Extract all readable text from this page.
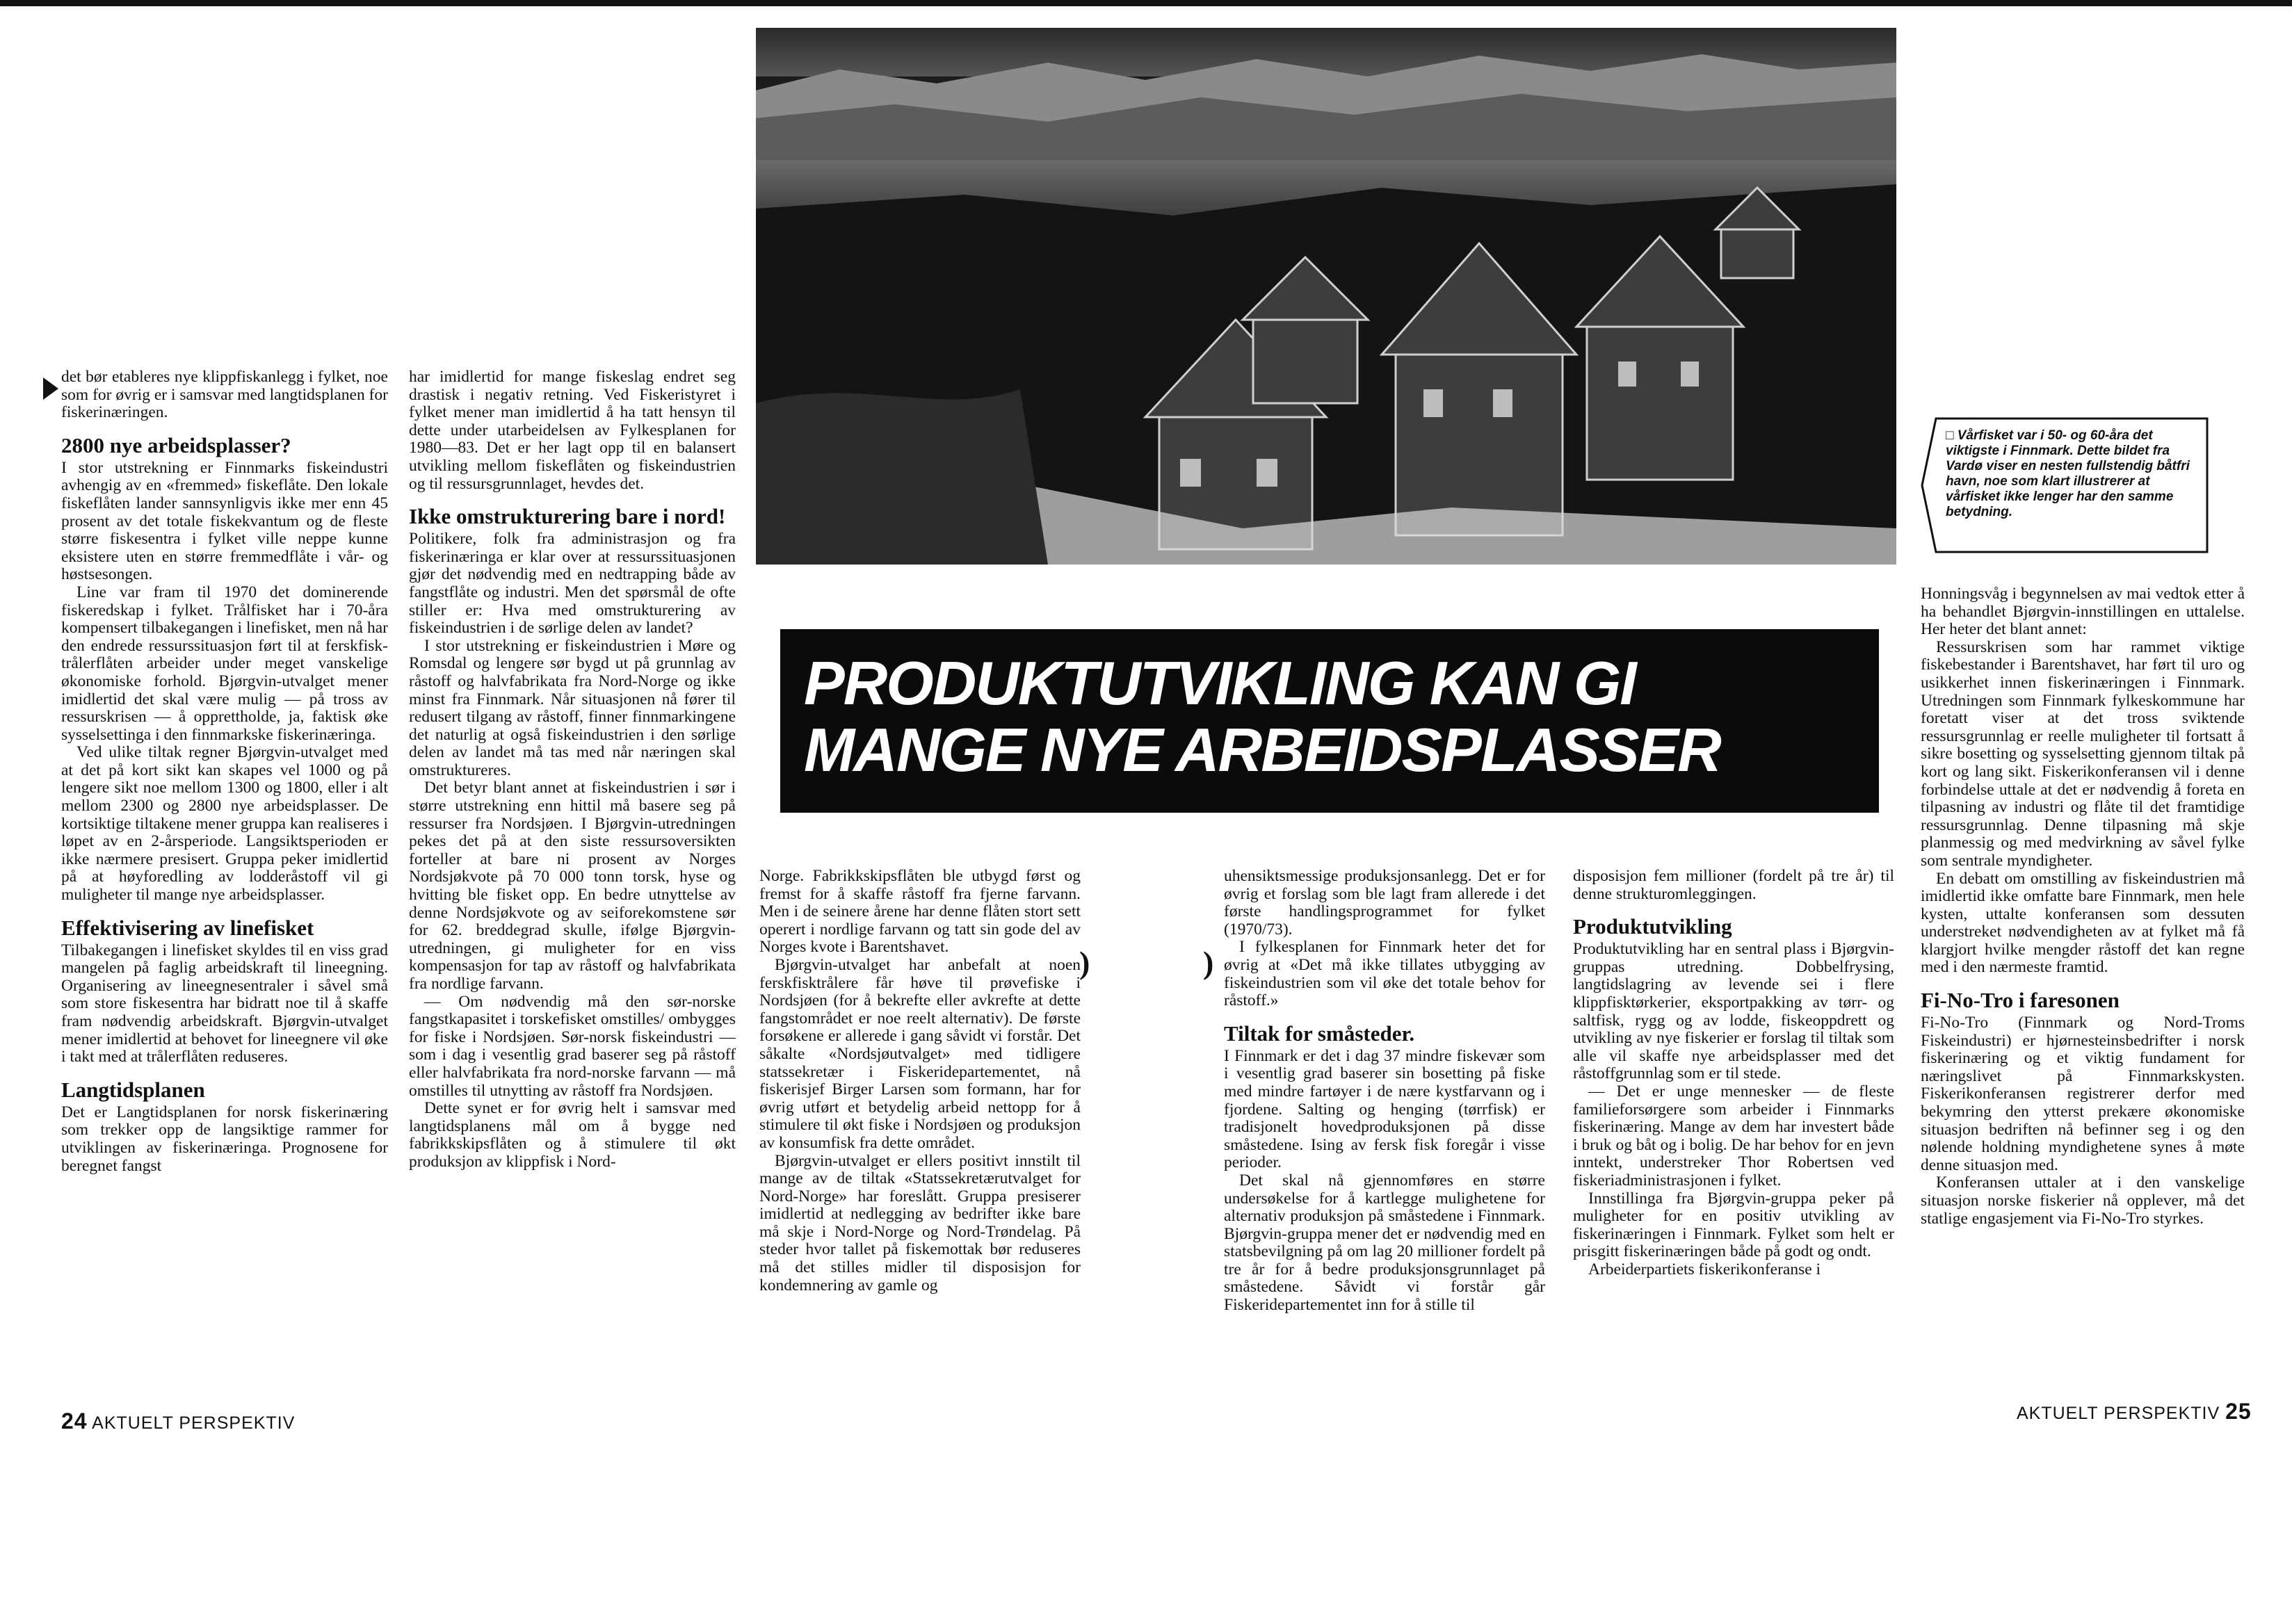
□ Vårfisket var i 50- og 60-åra det viktigste i Finnmark. Dette bildet fra Vardø viser en nesten fullstendig båtfri havn, noe som klart illustrerer at vårfisket ikke lenger har den samme betydning.
PRODUKTUTVIKLING KAN GI
MANGE NYE ARBEIDSPLASSER

det bør etableres nye klippfiskanlegg i fylket, noe som for øvrig er i samsvar med langtidsplanen for fiskerinæringen.

2800 nye arbeidsplasser?

I stor utstrekning er Finnmarks fiskeindustri avhengig av en «fremmed» fiskeflåte. Den lokale fiskeflåten lander sannsynligvis ikke mer enn 45 prosent av det totale fiskekvantum og de fleste større fiskesentra i fylket ville neppe kunne eksistere uten en større fremmedflåte i vår- og høstsesongen.

Line var fram til 1970 det dominerende fiskeredskap i fylket. Trålfisket har i 70-åra kompensert tilbakegangen i linefisket, men nå har den endrede ressurssituasjon ført til at ferskfisk-trålerflåten arbeider under meget vanskelige økonomiske forhold. Bjørgvin-utvalget mener imidlertid det skal være mulig — på tross av ressurskrisen — å opprettholde, ja, faktisk øke sysselsettinga i den finnmarkske fiskerinæringa.

Ved ulike tiltak regner Bjørgvin-utvalget med at det på kort sikt kan skapes vel 1000 og på lengere sikt noe mellom 1300 og 1800, eller i alt mellom 2300 og 2800 nye arbeidsplasser. De kortsiktige tiltakene mener gruppa kan realiseres i løpet av en 2-årsperiode. Langsiktsperioden er ikke nærmere presisert. Gruppa peker imidlertid på at høyforedling av lodderåstoff vil gi muligheter til mange nye arbeidsplasser.

Effektivisering av linefisket

Tilbakegangen i linefisket skyldes til en viss grad mangelen på faglig arbeidskraft til lineegning. Organisering av lineegnesentraler i såvel små som store fiskesentra har bidratt noe til å skaffe fram nødvendig arbeidskraft. Bjørgvin-utvalget mener imidlertid at behovet for lineegnere vil øke i takt med at trålerflåten reduseres.

Langtidsplanen

Det er Langtidsplanen for norsk fiskerinæring som trekker opp de langsiktige rammer for utviklingen av fiskerinæringa. Prognosene for beregnet fangst

har imidlertid for mange fiskeslag endret seg drastisk i negativ retning. Ved Fiskeristyret i fylket mener man imidlertid å ha tatt hensyn til dette under utarbeidelsen av Fylkesplanen for 1980—83. Det er her lagt opp til en balansert utvikling mellom fiskeflåten og fiskeindustrien og til ressursgrunnlaget, hevdes det.

Ikke omstrukturering bare i nord!

Politikere, folk fra administrasjon og fra fiskerinæringa er klar over at ressurssituasjonen gjør det nødvendig med en nedtrapping både av fangstflåte og industri. Men det spørsmål de ofte stiller er: Hva med omstrukturering av fiskeindustrien i de sørlige delen av landet?

I stor utstrekning er fiskeindustrien i Møre og Romsdal og lengere sør bygd ut på grunnlag av råstoff og halvfabrikata fra Nord-Norge og ikke minst fra Finnmark. Når situasjonen nå fører til redusert tilgang av råstoff, finner finnmarkingene det naturlig at også fiskeindustrien i den sørlige delen av landet må tas med når næringen skal omstruktureres.

Det betyr blant annet at fiskeindustrien i sør i større utstrekning enn hittil må basere seg på ressurser fra Nordsjøen. I Bjørgvin-utredningen pekes det på at den siste ressursoversikten forteller at bare ni prosent av Norges Nordsjøkvote på 70 000 tonn torsk, hyse og hvitting ble fisket opp. En bedre utnyttelse av denne Nordsjøkvote og av seiforekomstene sør for 62. breddegrad skulle, ifølge Bjørgvin-utredningen, gi muligheter for en viss kompensasjon for tap av råstoff og halvfabrikata fra nordlige farvann.

— Om nødvendig må den sør-norske fangstkapasitet i torskefisket omstilles/ ombygges for fiske i Nordsjøen. Sør-norsk fiskeindustri — som i dag i vesentlig grad baserer seg på råstoff eller halvfabrikata fra nord-norske farvann — må omstilles til utnytting av råstoff fra Nordsjøen.

Dette synet er for øvrig helt i samsvar med langtidsplanens mål om å bygge ned fabrikkskipsflåten og å stimulere til økt produksjon av klippfisk i Nord-

Norge. Fabrikkskipsflåten ble utbygd først og fremst for å skaffe råstoff fra fjerne farvann. Men i de seinere årene har denne flåten stort sett operert i nordlige farvann og tatt sin gode del av Norges kvote i Barentshavet.

Bjørgvin-utvalget har anbefalt at noen ferskfisktrålere får høve til prøvefiske i Nordsjøen (for å bekrefte eller avkrefte at dette fangstområdet er noe reelt alternativ). De første forsøkene er allerede i gang såvidt vi forstår. Det såkalte «Nordsjøutvalget» med tidligere statssekretær i Fiskeridepartementet, nå fiskerisjef Birger Larsen som formann, har for øvrig utført et betydelig arbeid nettopp for å stimulere til økt fiske i Nordsjøen og produksjon av konsumfisk fra dette området.

Bjørgvin-utvalget er ellers positivt innstilt til mange av de tiltak «Statssekretærutvalget for Nord-Norge» har foreslått. Gruppa presiserer imidlertid at nedlegging av bedrifter ikke bare må skje i Nord-Norge og Nord-Trøndelag. På steder hvor tallet på fiskemottak bør reduseres må det stilles midler til disposisjon for kondemnering av gamle og

uhensiktsmessige produksjonsanlegg. Det er for øvrig et forslag som ble lagt fram allerede i det første handlingsprogrammet for fylket (1970/73).

I fylkesplanen for Finnmark heter det for øvrig at «Det må ikke tillates utbygging av fiskeindustrien som vil øke det totale behov for råstoff.»

Tiltak for småsteder.

I Finnmark er det i dag 37 mindre fiskevær som i vesentlig grad baserer sin bosetting på fiske med mindre fartøyer i de nære kystfarvann og i fjordene. Salting og henging (tørrfisk) er tradisjonelt hovedproduksjonen på disse småstedene. Ising av fersk fisk foregår i visse perioder.

Det skal nå gjennomføres en større undersøkelse for å kartlegge mulighetene for alternativ produksjon på småstedene i Finnmark. Bjørgvin-gruppa mener det er nødvendig med en statsbevilgning på om lag 20 millioner fordelt på tre år for å bedre produksjonsgrunnlaget på småstedene. Såvidt vi forstår går Fiskeridepartementet inn for å stille til

disposisjon fem millioner (fordelt på tre år) til denne strukturomleggingen.

Produktutvikling

Produktutvikling har en sentral plass i Bjørgvin-gruppas utredning. Dobbelfrysing, langtidslagring av levende sei i flere klippfisktørkerier, eksportpakking av tørr- og saltfisk, rygg og av lodde, fiskeoppdrett og utvikling av nye fiskerier er forslag til tiltak som alle vil skaffe nye arbeidsplasser med det råstoffgrunnlag som er til stede.

— Det er unge mennesker — de fleste familieforsørgere som arbeider i Finnmarks fiskerinæring. Mange av dem har investert både i bruk og båt og i bolig. De har behov for en jevn inntekt, understreker Thor Robertsen ved fiskeriadministrasjonen i fylket.

Innstillinga fra Bjørgvin-gruppa peker på muligheter for en positiv utvikling av fiskerinæringen i Finnmark. Fylket som helt er prisgitt fiskerinæringen både på godt og ondt.

Arbeiderpartiets fiskerikonferanse i

Honningsvåg i begynnelsen av mai vedtok etter å ha behandlet Bjørgvin-innstillingen en uttalelse. Her heter det blant annet:

Ressurskrisen som har rammet viktige fiskebestander i Barentshavet, har ført til uro og usikkerhet innen fiskerinæringen i Finnmark. Utredningen som Finnmark fylkeskommune har foretatt viser at det tross sviktende ressursgrunnlag er reelle muligheter til fortsatt å sikre bosetting og sysselsetting gjennom tiltak på kort og lang sikt. Fiskerikonferansen vil i denne forbindelse uttale at det er nødvendig å foreta en tilpasning av industri og flåte til det framtidige ressursgrunnlag. Denne tilpasning må skje planmessig og med medvirkning av såvel fylke som sentrale myndigheter.

En debatt om omstilling av fiskeindustrien må imidlertid ikke omfatte bare Finnmark, men hele kysten, uttalte konferansen som dessuten understreket nødvendigheten av at fylket må få klargjort hvilke mengder råstoff det kan regne med i den nærmeste framtid.

Fi-No-Tro i faresonen

Fi-No-Tro (Finnmark og Nord-Troms Fiskeindustri) er hjørnesteinsbedrifter i norsk fiskerinæring og et viktig fundament for næringslivet på Finnmarkskysten. Fiskerikonferansen registrerer derfor med bekymring den ytterst prekære økonomiske situasjon bedriften nå befinner seg i og den nølende holdning myndighetene synes å møte denne situasjon med.

Konferansen uttaler at i den vanskelige situasjon norske fiskerier nå opplever, må det statlige engasjement via Fi-No-Tro styrkes.

)	)
24 AKTUELT PERSPEKTIV	AKTUELT PERSPEKTIV 25
